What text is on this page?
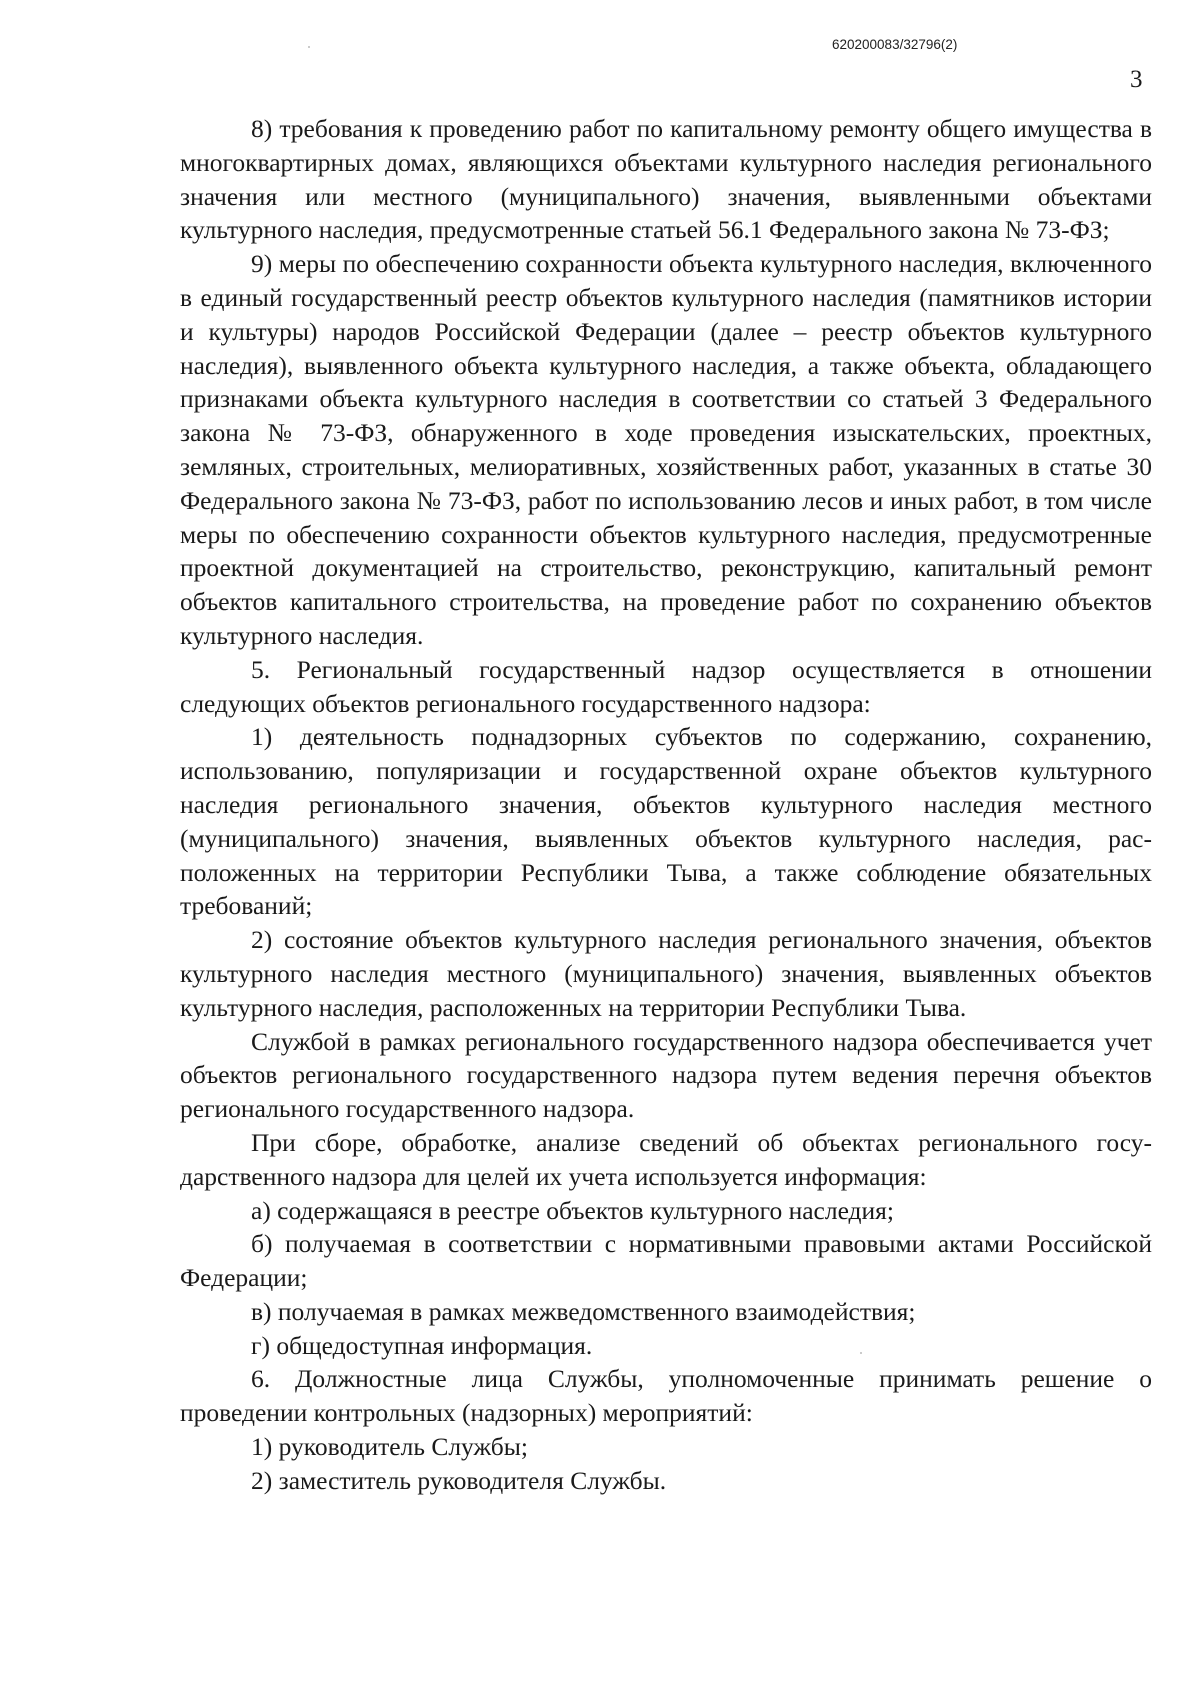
620200083/32796(2)
3

8) требования к проведению работ по капитальному ремонту общего имущества в многоквартирных домах, являющихся объектами культурного наследия регионального значения или местного (муниципального) значения, выявленными объектами культурного наследия, предусмотренные статьей 56.1 Федерального закона № 73-ФЗ;

9) меры по обеспечению сохранности объекта культурного наследия, включенного в единый государственный реестр объектов культурного наследия (памятников истории и культуры) народов Российской Федерации (далее – реестр объектов культурного наследия), выявленного объекта культурного наследия, а также объекта, обладающего признаками объекта культурного наследия в соответствии со статьей 3 Федерального закона № 73-ФЗ, обнаруженного в ходе проведения изыскательских, проектных, земляных, строительных, мелиоративных, хозяйственных работ, указанных в статье 30 Федерального закона № 73-ФЗ, работ по использованию лесов и иных работ, в том числе меры по обеспечению сохранности объектов культурного наследия, предусмотренные проектной документацией на строительство, реконструкцию, капитальный ремонт объектов капитального строительства, на проведение работ по сохранению объектов культурного наследия.

5. Региональный государственный надзор осуществляется в отношении следующих объектов регионального государственного надзора:

1) деятельность поднадзорных субъектов по содержанию, сохранению, использованию, популяризации и государственной охране объектов культурного наследия регионального значения, объектов культурного наследия местного (муниципального) значения, выявленных объектов культурного наследия, расположенных на территории Республики Тыва, а также соблюдение обязательных требований;

2) состояние объектов культурного наследия регионального значения, объектов культурного наследия местного (муниципального) значения, выявленных объектов культурного наследия, расположенных на территории Республики Тыва.

Службой в рамках регионального государственного надзора обеспечивается учет объектов регионального государственного надзора путем ведения перечня объектов регионального государственного надзора.

При сборе, обработке, анализе сведений об объектах регионального государственного надзора для целей их учета используется информация:

а) содержащаяся в реестре объектов культурного наследия;

б) получаемая в соответствии с нормативными правовыми актами Российской Федерации;

в) получаемая в рамках межведомственного взаимодействия;

г) общедоступная информация.

6. Должностные лица Службы, уполномоченные принимать решение о проведении контрольных (надзорных) мероприятий:

1) руководитель Службы;

2) заместитель руководителя Службы.
